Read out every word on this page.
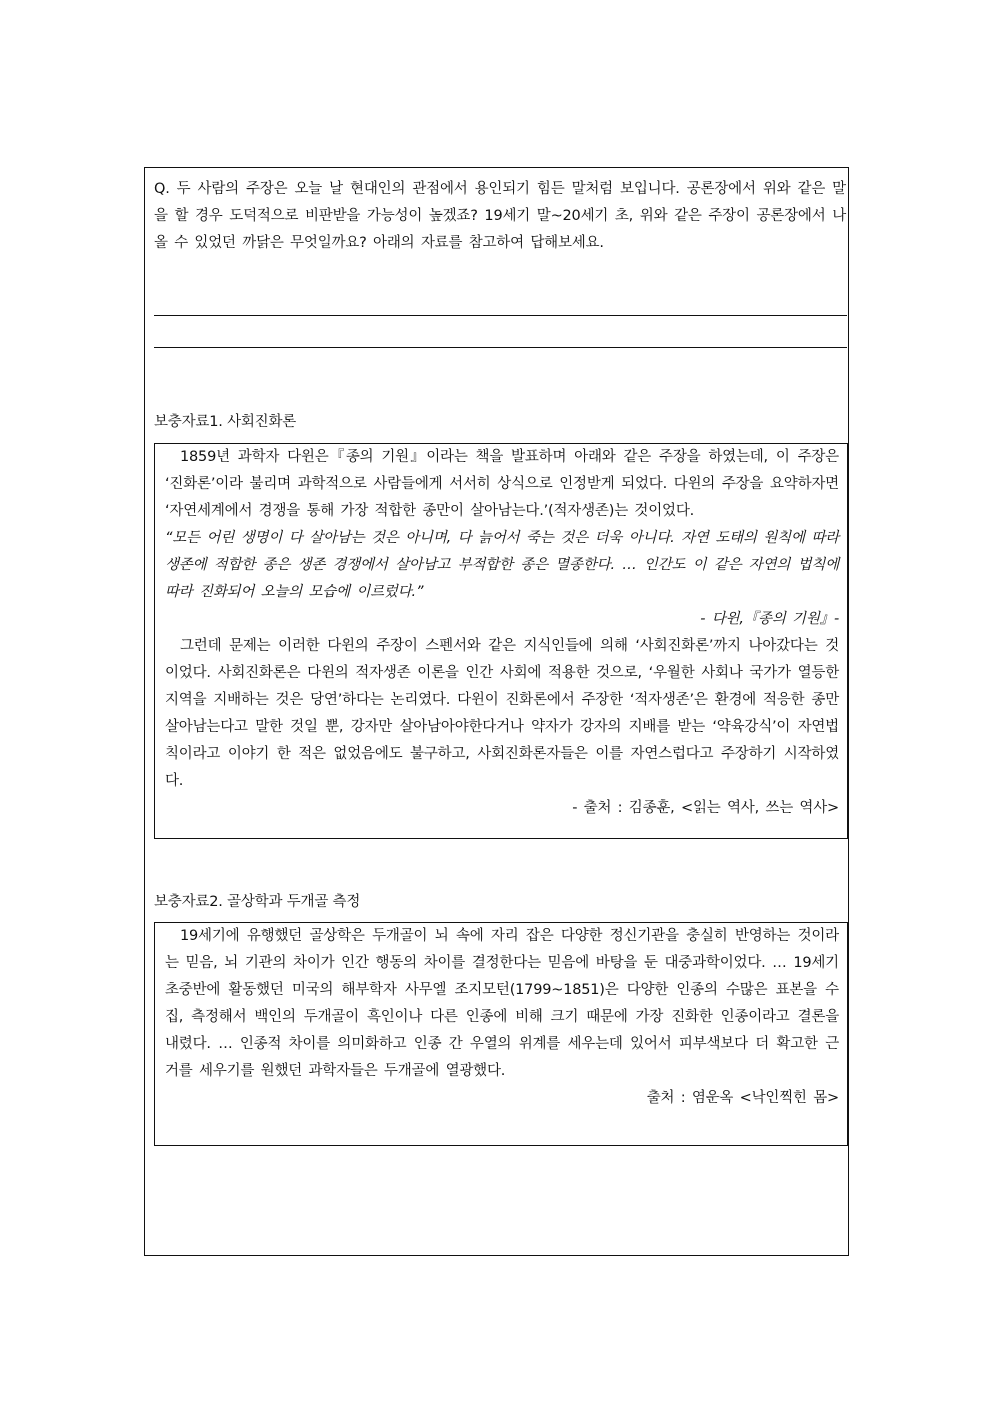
Q. 두 사람의 주장은 오늘 날 현대인의 관점에서 용인되기 힘든 말처럼 보입니다. 공론장에서 위와 같은 말을 할 경우 도덕적으로 비판받을 가능성이 높겠죠? 19세기 말~20세기 초, 위와 같은 주장이 공론장에서 나올 수 있었던 까닭은 무엇일까요? 아래의 자료를 참고하여 답해보세요.

보충자료1. 사회진화론

1859년 과학자 다윈은『종의 기원』이라는 책을 발표하며 아래와 같은 주장을 하였는데, 이 주장은 ‘진화론’이라 불리며 과학적으로 사람들에게 서서히 상식으로 인정받게 되었다. 다윈의 주장을 요약하자면 ‘자연세계에서 경쟁을 통해 가장 적합한 종만이 살아남는다.’(적자생존)는 것이었다.

“모든 어린 생명이 다 살아남는 것은 아니며, 다 늙어서 죽는 것은 더욱 아니다. 자연 도태의 원칙에 따라 생존에 적합한 종은 생존 경쟁에서 살아남고 부적합한 종은 멸종한다. … 인간도 이 같은 자연의 법칙에 따라 진화되어 오늘의 모습에 이르렀다.”

- 다윈,『종의 기원』-

그런데 문제는 이러한 다윈의 주장이 스펜서와 같은 지식인들에 의해 ‘사회진화론’까지 나아갔다는 것이었다. 사회진화론은 다윈의 적자생존 이론을 인간 사회에 적용한 것으로, ‘우월한 사회나 국가가 열등한 지역을 지배하는 것은 당연’하다는 논리였다. 다윈이 진화론에서 주장한 ‘적자생존’은 환경에 적응한 종만 살아남는다고 말한 것일 뿐, 강자만 살아남아야한다거나 약자가 강자의 지배를 받는 ‘약육강식’이 자연법칙이라고 이야기 한 적은 없었음에도 불구하고, 사회진화론자들은 이를 자연스럽다고 주장하기 시작하였다.

- 출처 : 김종훈, <읽는 역사, 쓰는 역사>

보충자료2. 골상학과 두개골 측정

19세기에 유행했던 골상학은 두개골이 뇌 속에 자리 잡은 다양한 정신기관을 충실히 반영하는 것이라는 믿음, 뇌 기관의 차이가 인간 행동의 차이를 결정한다는 믿음에 바탕을 둔 대중과학이었다. … 19세기 초중반에 활동했던 미국의 해부학자 사무엘 조지모턴(1799~1851)은 다양한 인종의 수많은 표본을 수집, 측정해서 백인의 두개골이 흑인이나 다른 인종에 비해 크기 때문에 가장 진화한 인종이라고 결론을 내렸다. … 인종적 차이를 의미화하고 인종 간 우열의 위계를 세우는데 있어서 피부색보다 더 확고한 근거를 세우기를 원했던 과학자들은 두개골에 열광했다.

출처 : 염운옥 <낙인찍힌 몸>
